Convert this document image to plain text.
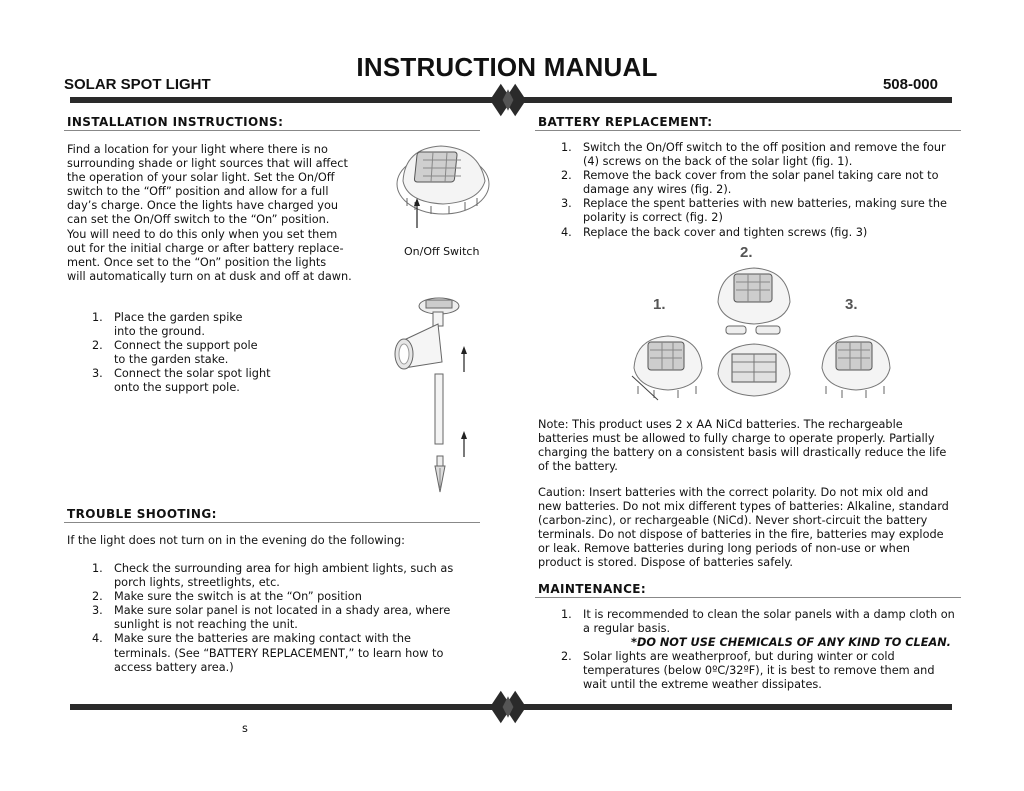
INSTRUCTION MANUAL
SOLAR SPOT LIGHT	508-000
INSTALLATION INSTRUCTIONS:
Find a location for your light where there is no
surrounding shade or light sources that will affect
the operation of your solar light. Set the On/Off
switch to the “Off” position and allow for a full
day’s charge. Once the lights have charged you
can set the On/Off switch to the “On” position.
You will need to do this only when you set them
out for the initial charge or after battery replace-
ment. Once set to the “On” position the lights
will automatically turn on at dusk and off at dawn.
On/Off Switch
1. Place the garden spike
into the ground.
2. Connect the support pole
to the garden stake.
3. Connect the solar spot light
onto the support pole.
TROUBLE SHOOTING:
If the light does not turn on in the evening do the following:
1. Check the surrounding area for high ambient lights, such as
porch lights, streetlights, etc.
2. Make sure the switch is at the “On” position
3. Make sure solar panel is not located in a shady area, where
sunlight is not reaching the unit.
4. Make sure the batteries are making contact with the
terminals. (See “BATTERY REPLACEMENT,” to learn how to
access battery area.)
BATTERY REPLACEMENT:
1. Switch the On/Off switch to the off position and remove the four
(4) screws on the back of the solar light (fig. 1).
2. Remove the back cover from the solar panel taking care not to
damage any wires (fig. 2).
3. Replace the spent batteries with new batteries, making sure the
polarity is correct (fig. 2)
4. Replace the back cover and tighten screws (fig. 3)
2.
1.	3.
Note: This product uses 2 x AA NiCd batteries. The rechargeable
batteries must be allowed to fully charge to operate properly. Partially
charging the battery on a consistent basis will drastically reduce the life
of the battery.
Caution: Insert batteries with the correct polarity. Do not mix old and
new batteries. Do not mix different types of batteries: Alkaline, standard
(carbon-zinc), or rechargeable (NiCd). Never short-circuit the battery
terminals. Do not dispose of batteries in the fire, batteries may explode
or leak. Remove batteries during long periods of non-use or when
product is stored. Dispose of batteries safely.
MAINTENANCE:
1. It is recommended to clean the solar panels with a damp cloth on
a regular basis.
*DO NOT USE CHEMICALS OF ANY KIND TO CLEAN.
2. Solar lights are weatherproof, but during winter or cold
temperatures (below 0ºC/32ºF), it is best to remove them and
wait until the extreme weather dissipates.
s
